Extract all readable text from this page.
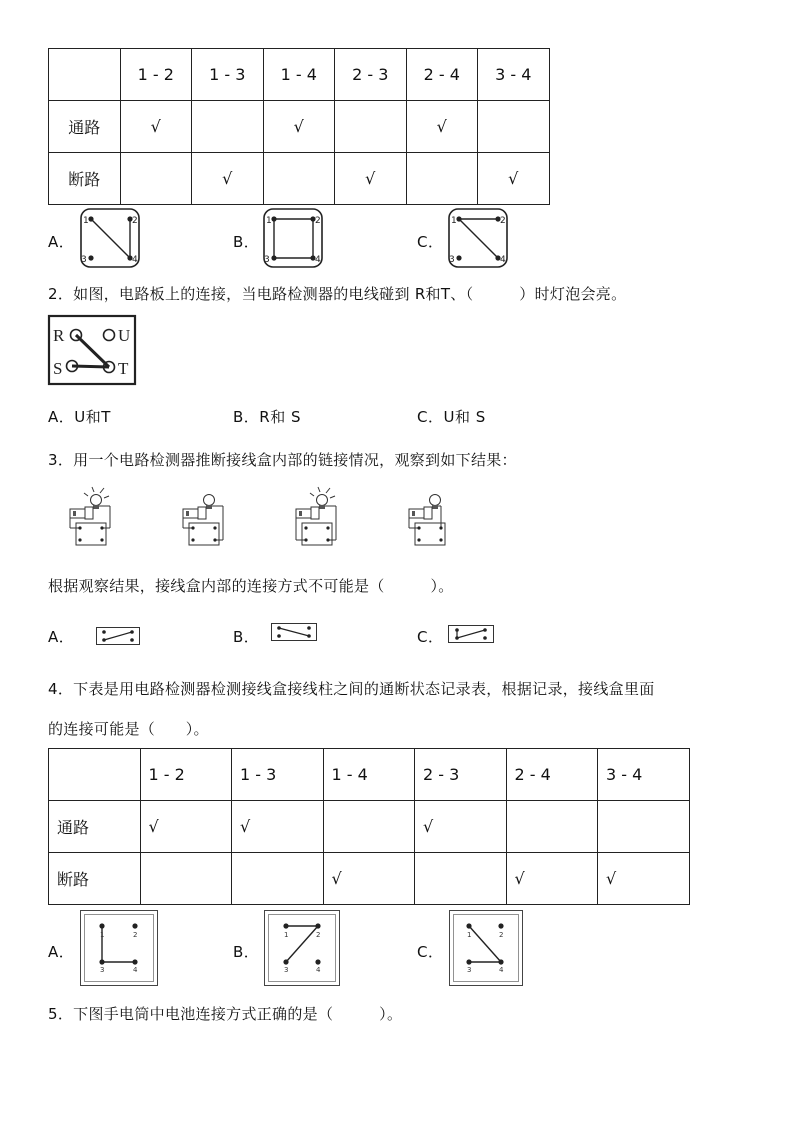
	1 - 2	1 - 3	1 - 4	2 - 3	2 - 4	3 - 4
通路	√		√		√	
断路		√		√		√
A．
1	2
3	4
B．
1	2
3	4
C．
1	2
3	4
2．如图，电路板上的连接，当电路检测器的电线碰到 R和T、（　　　）时灯泡会亮。
R	U
S	T
A．U和T	B．R和 S	C．U和 S
3．用一个电路检测器推断接线盒内部的链接情况，观察到如下结果：
根据观察结果，接线盒内部的连接方式不可能是（　　　）。
A．	B．	C．
4．下表是用电路检测器检测接线盒接线柱之间的通断状态记录表，根据记录，接线盒里面
的连接可能是（　　）。
	1 - 2	1 - 3	1 - 4	2 - 3	2 - 4	3 - 4
通路	√	√		√		
断路			√		√	√
A．
1	2
3	4
B．
1	2
3	4
C．
1	2
3	4
5．下图手电筒中电池连接方式正确的是（　　　）。
